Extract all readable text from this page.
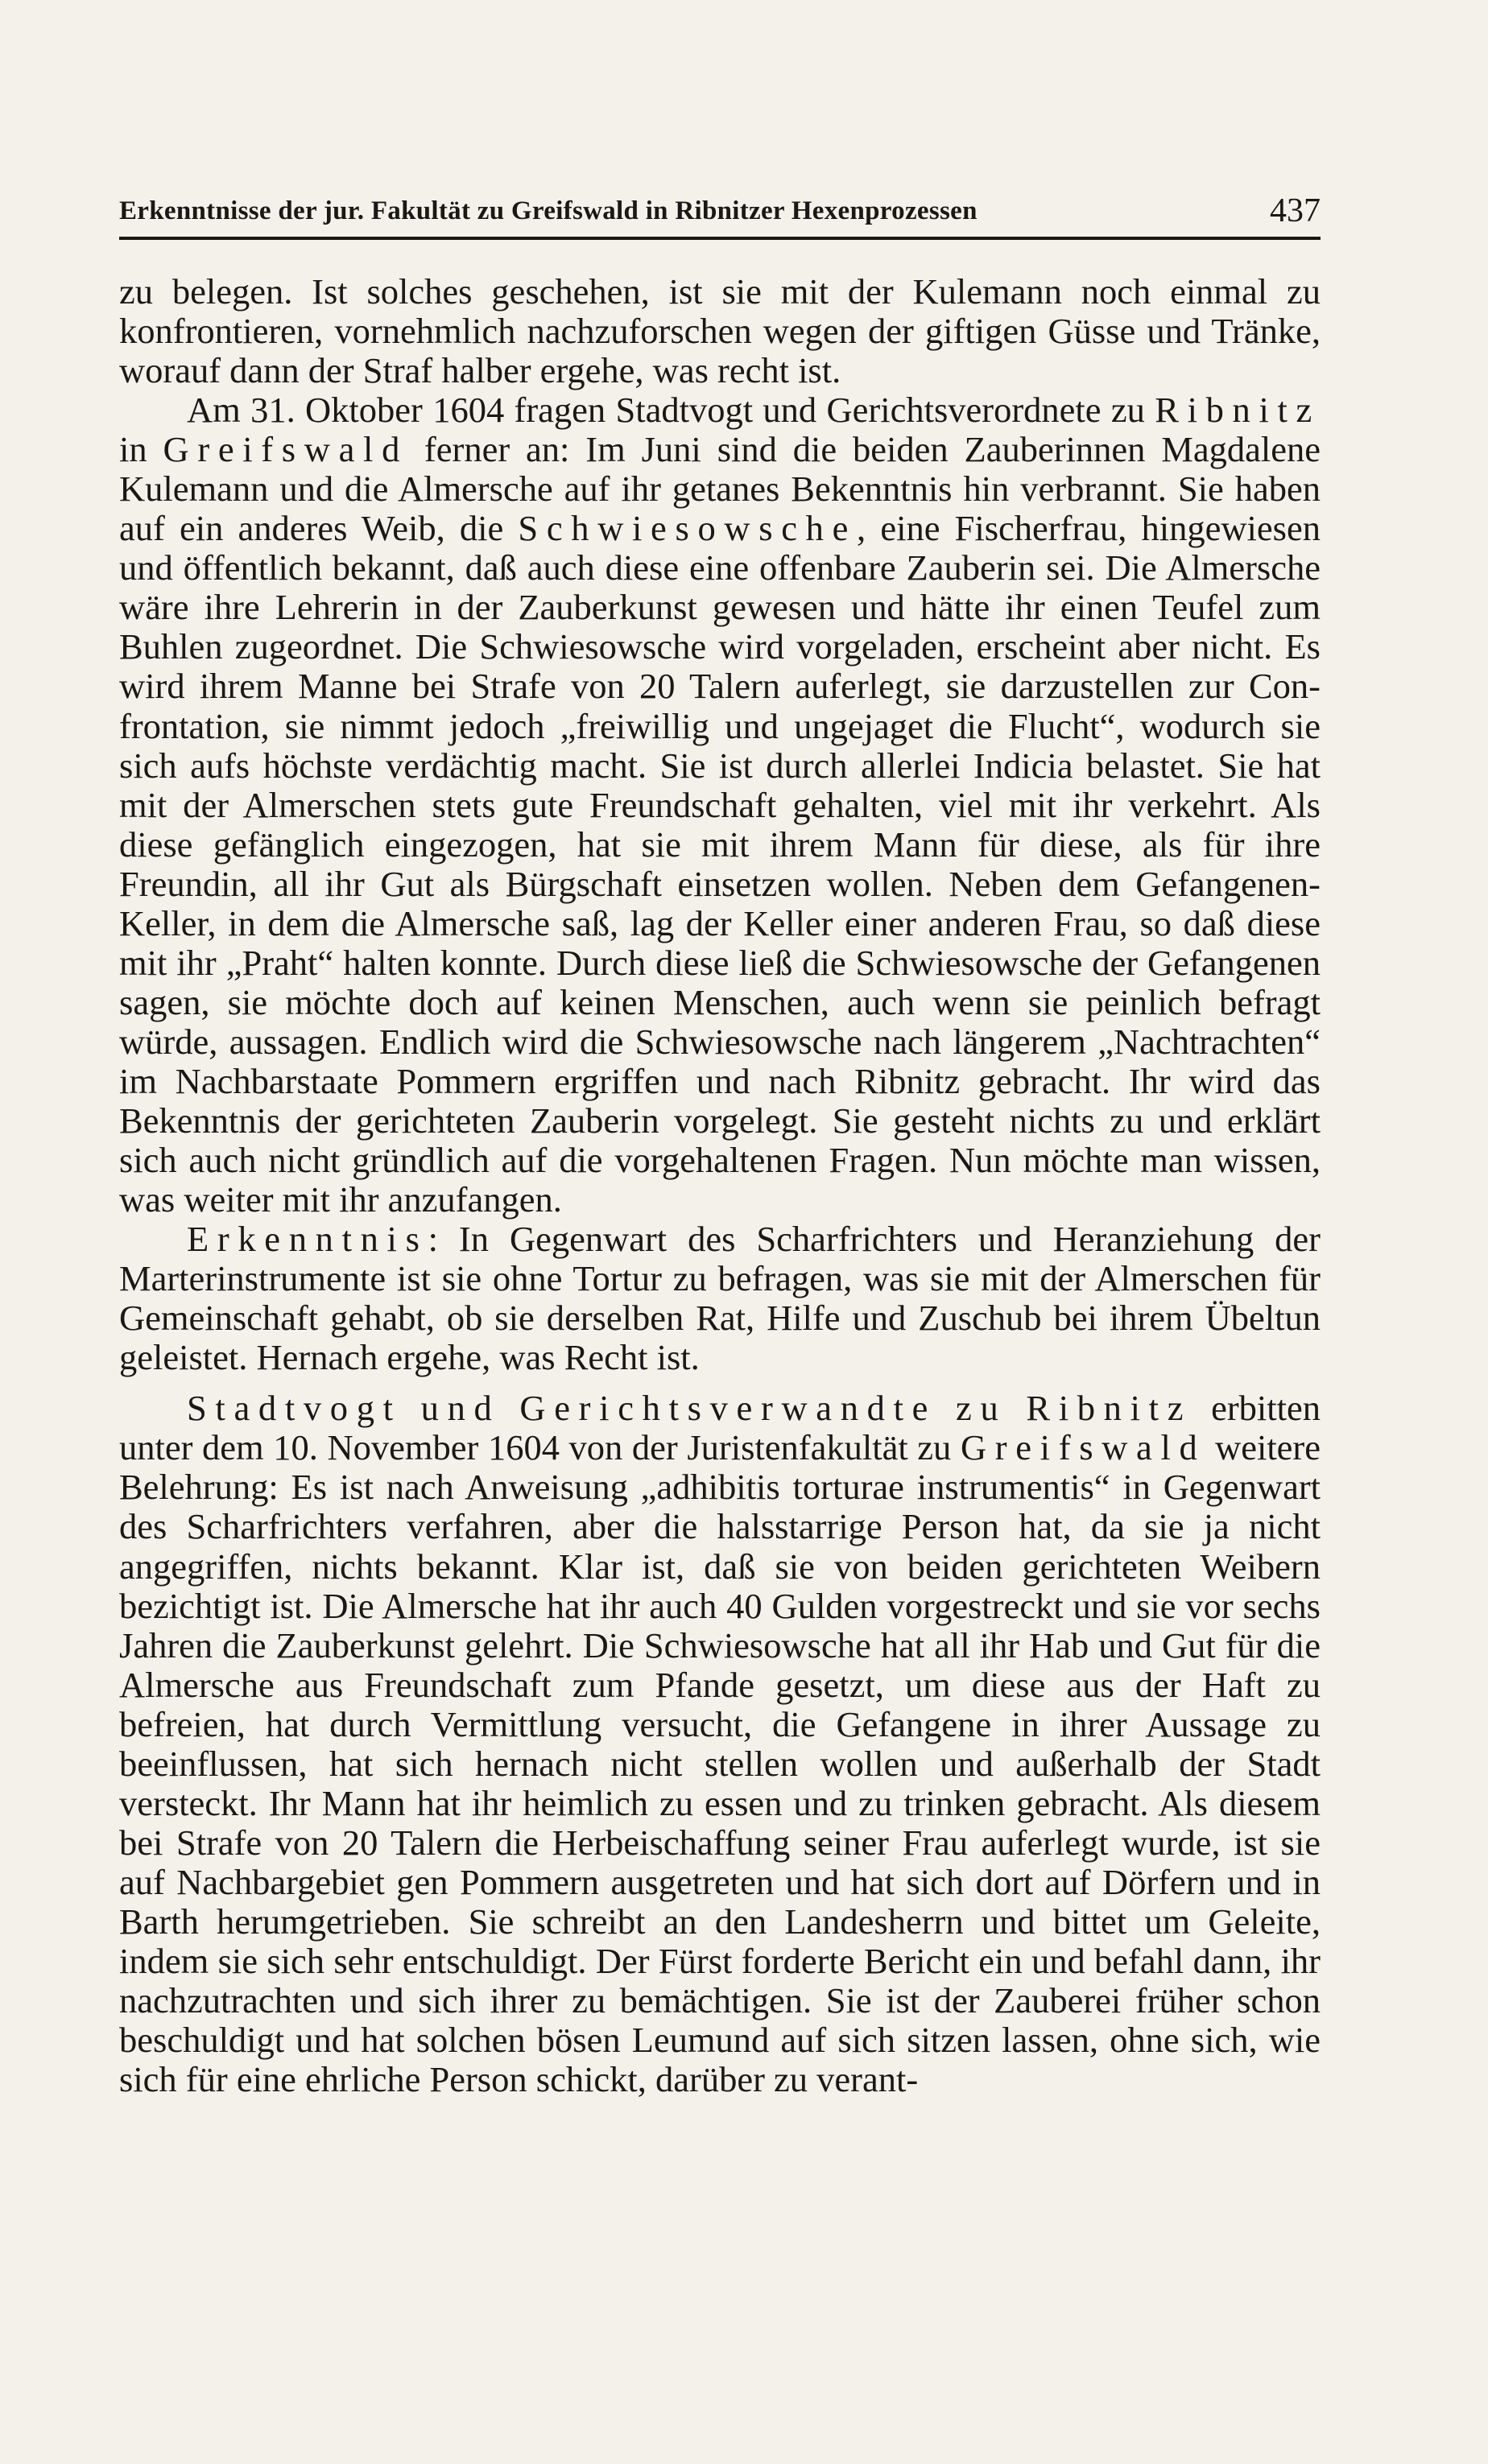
Erkenntnisse der jur. Fakultät zu Greifswald in Ribnitzer Hexenprozessen	437

zu belegen. Ist solches geschehen, ist sie mit der Kulemann noch einmal zu konfrontieren, vornehmlich nachzuforschen wegen der giftigen Güsse und Tränke, worauf dann der Straf halber ergehe, was recht ist.

Am 31. Oktober 1604 fragen Stadtvogt und Gerichtsverordnete zu Ribnitz in Greifswald ferner an: Im Juni sind die beiden Zauberinnen Magdalene Kulemann und die Almersche auf ihr getanes Bekenntnis hin verbrannt. Sie haben auf ein anderes Weib, die Schwiesowsche, eine Fischerfrau, hingewiesen und öffentlich bekannt, daß auch diese eine offenbare Zauberin sei. Die Almersche wäre ihre Lehrerin in der Zauberkunst gewesen und hätte ihr einen Teufel zum Buhlen zugeordnet. Die Schwiesowsche wird vorgeladen, erscheint aber nicht. Es wird ihrem Manne bei Strafe von 20 Talern auferlegt, sie darzustellen zur Confrontation, sie nimmt jedoch „freiwillig und ungejaget die Flucht“, wodurch sie sich aufs höchste verdächtig macht. Sie ist durch allerlei Indicia belastet. Sie hat mit der Almerschen stets gute Freundschaft gehalten, viel mit ihr verkehrt. Als diese gefänglich eingezogen, hat sie mit ihrem Mann für diese, als für ihre Freundin, all ihr Gut als Bürgschaft einsetzen wollen. Neben dem Gefangenen-Keller, in dem die Almersche saß, lag der Keller einer anderen Frau, so daß diese mit ihr „Praht“ halten konnte. Durch diese ließ die Schwiesowsche der Gefangenen sagen, sie möchte doch auf keinen Menschen, auch wenn sie peinlich befragt würde, aussagen. Endlich wird die Schwiesowsche nach längerem „Nachtrachten“ im Nachbarstaate Pommern ergriffen und nach Ribnitz gebracht. Ihr wird das Bekenntnis der gerichteten Zauberin vorgelegt. Sie gesteht nichts zu und erklärt sich auch nicht gründlich auf die vorgehaltenen Fragen. Nun möchte man wissen, was weiter mit ihr anzufangen.

Erkenntnis: In Gegenwart des Scharfrichters und Heranziehung der Marterinstrumente ist sie ohne Tortur zu befragen, was sie mit der Almerschen für Gemeinschaft gehabt, ob sie derselben Rat, Hilfe und Zuschub bei ihrem Übeltun geleistet. Hernach ergehe, was Recht ist.

Stadtvogt und Gerichtsverwandte zu Ribnitz erbitten unter dem 10. November 1604 von der Juristenfakultät zu Greifswald weitere Belehrung: Es ist nach Anweisung „adhibitis torturae instrumentis“ in Gegenwart des Scharfrichters verfahren, aber die halsstarrige Person hat, da sie ja nicht angegriffen, nichts bekannt. Klar ist, daß sie von beiden gerichteten Weibern bezichtigt ist. Die Almersche hat ihr auch 40 Gulden vorgestreckt und sie vor sechs Jahren die Zauberkunst gelehrt. Die Schwiesowsche hat all ihr Hab und Gut für die Almersche aus Freundschaft zum Pfande gesetzt, um diese aus der Haft zu befreien, hat durch Vermittlung versucht, die Gefangene in ihrer Aussage zu beeinflussen, hat sich hernach nicht stellen wollen und außerhalb der Stadt versteckt. Ihr Mann hat ihr heimlich zu essen und zu trinken gebracht. Als diesem bei Strafe von 20 Talern die Herbeischaffung seiner Frau auferlegt wurde, ist sie auf Nachbargebiet gen Pommern ausgetreten und hat sich dort auf Dörfern und in Barth herumgetrieben. Sie schreibt an den Landesherrn und bittet um Geleite, indem sie sich sehr entschuldigt. Der Fürst forderte Bericht ein und befahl dann, ihr nachzutrachten und sich ihrer zu bemächtigen. Sie ist der Zauberei früher schon beschuldigt und hat solchen bösen Leumund auf sich sitzen lassen, ohne sich, wie sich für eine ehrliche Person schickt, darüber zu verant-
